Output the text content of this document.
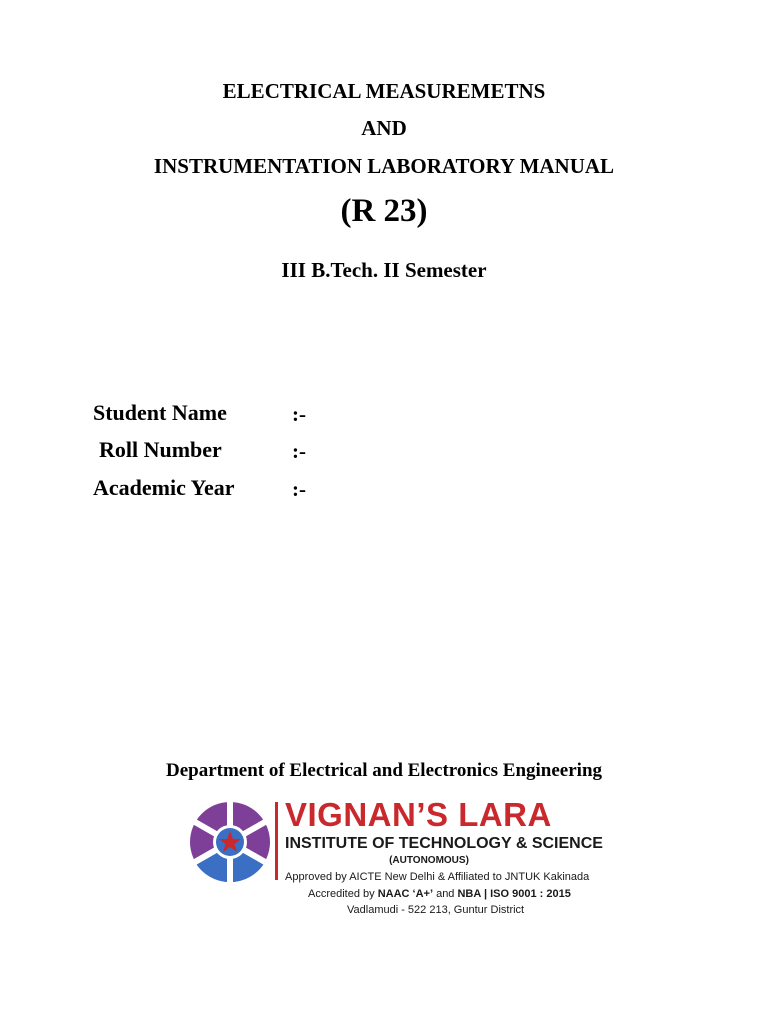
ELECTRICAL MEASUREMETNS
AND
INSTRUMENTATION LABORATORY MANUAL
(R 23)
III B.Tech. II Semester
Student Name	:-
Roll Number	:-
Academic Year	:-
Department of Electrical and Electronics Engineering
VIGNAN’S LARA
INSTITUTE OF TECHNOLOGY & SCIENCE
(AUTONOMOUS)
Approved by AICTE New Delhi & Affiliated to JNTUK Kakinada
Accredited by NAAC ‘A+’ and NBA | ISO 9001 : 2015
Vadlamudi - 522 213, Guntur District
